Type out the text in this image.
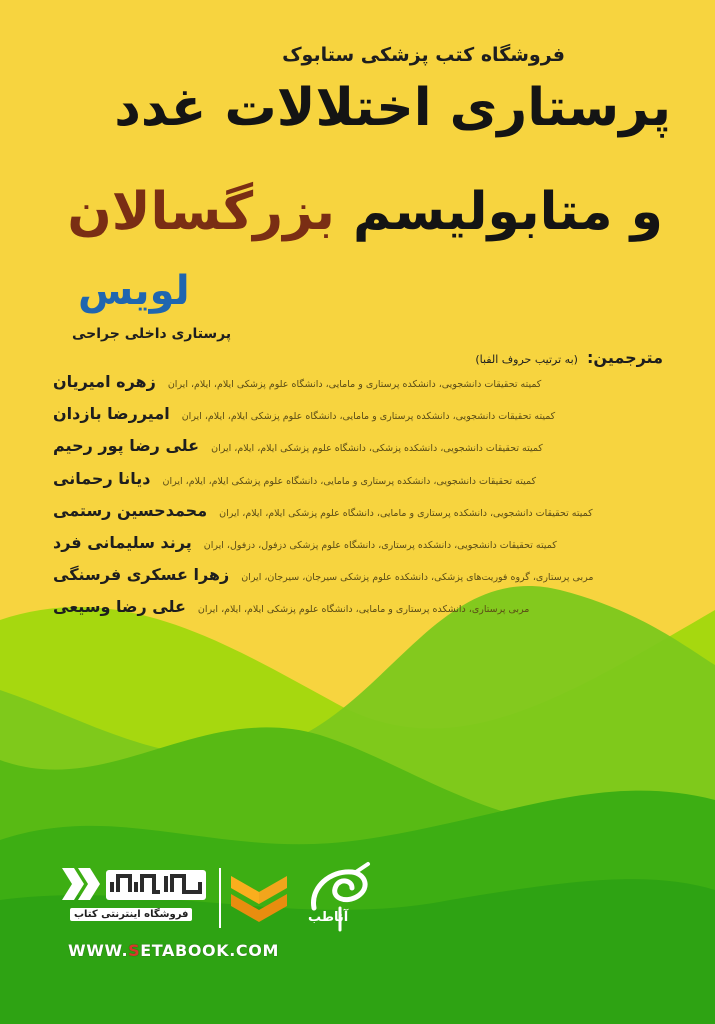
فروشگاه کتب پزشکی ستابوک
پرستاری اختلالات غدد
و متابولیسم بزرگسالان
لویس
پرستاری داخلی جراحی
مترجمین: (به ترتیب حروف الفبا)
زهره امیریان کمیته تحقیقات دانشجویی، دانشکده پرستاری و مامایی، دانشگاه علوم پزشکی ایلام، ایلام، ایران
امیررضا بازدان کمیته تحقیقات دانشجویی، دانشکده پرستاری و مامایی، دانشگاه علوم پزشکی ایلام، ایلام، ایران
علی رضا پور رحیم کمیته تحقیقات دانشجویی، دانشکده پزشکی، دانشگاه علوم پزشکی ایلام، ایلام، ایران
دیانا رحمانی کمیته تحقیقات دانشجویی، دانشکده پرستاری و مامایی، دانشگاه علوم پزشکی ایلام، ایلام، ایران
محمدحسین رستمی کمیته تحقیقات دانشجویی، دانشکده پرستاری و مامایی، دانشگاه علوم پزشکی ایلام، ایلام، ایران
پرند سلیمانی فرد کمیته تحقیقات دانشجویی، دانشکده پرستاری، دانشگاه علوم پزشکی دزفول، دزفول، ایران
زهرا عسکری فرسنگی مربی پرستاری، گروه فوریت‌های پزشکی، دانشکده علوم پزشکی سیرجان، سیرجان، ایران
علی رضا وسیعی مربی پرستاری، دانشکده پرستاری و مامایی، دانشگاه علوم پزشکی ایلام، ایلام، ایران
فروشگاه اینترنتی کتاب	آناطب
WWW.SETABOOK.COM
